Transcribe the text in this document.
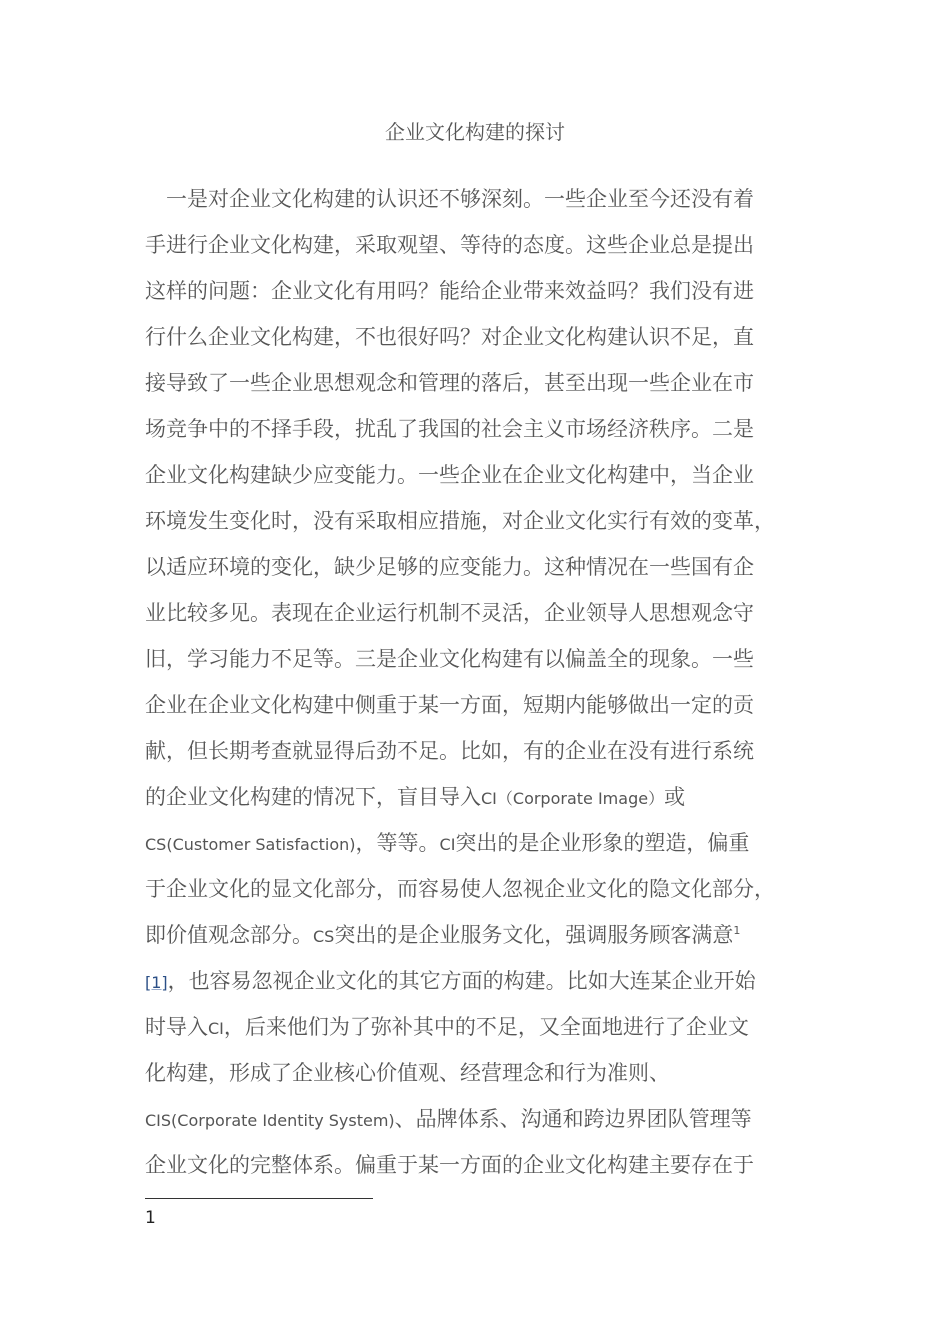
企业文化构建的探讨
一是对企业文化构建的认识还不够深刻。一些企业至今还没有着
手进行企业文化构建，采取观望、等待的态度。这些企业总是提出
这样的问题：企业文化有用吗？能给企业带来效益吗？我们没有进
行什么企业文化构建，不也很好吗？对企业文化构建认识不足，直
接导致了一些企业思想观念和管理的落后，甚至出现一些企业在市
场竞争中的不择手段，扰乱了我国的社会主义市场经济秩序。二是
企业文化构建缺少应变能力。一些企业在企业文化构建中，当企业
环境发生变化时，没有采取相应措施，对企业文化实行有效的变革，
以适应环境的变化，缺少足够的应变能力。这种情况在一些国有企
业比较多见。表现在企业运行机制不灵活，企业领导人思想观念守
旧，学习能力不足等。三是企业文化构建有以偏盖全的现象。一些
企业在企业文化构建中侧重于某一方面，短期内能够做出一定的贡
献，但长期考查就显得后劲不足。比如，有的企业在没有进行系统
的企业文化构建的情况下，盲目导入CI（Corporate Image）或
CS(Customer Satisfaction)，等等。CI突出的是企业形象的塑造，偏重
于企业文化的显文化部分，而容易使人忽视企业文化的隐文化部分，
即价值观念部分。CS突出的是企业服务文化，强调服务顾客满意$^1$
[1]，也容易忽视企业文化的其它方面的构建。比如大连某企业开始
时导入CI，后来他们为了弥补其中的不足，又全面地进行了企业文
化构建，形成了企业核心价值观、经营理念和行为准则、
CIS(Corporate Identity System)、品牌体系、沟通和跨边界团队管理等
企业文化的完整体系。偏重于某一方面的企业文化构建主要存在于
1
